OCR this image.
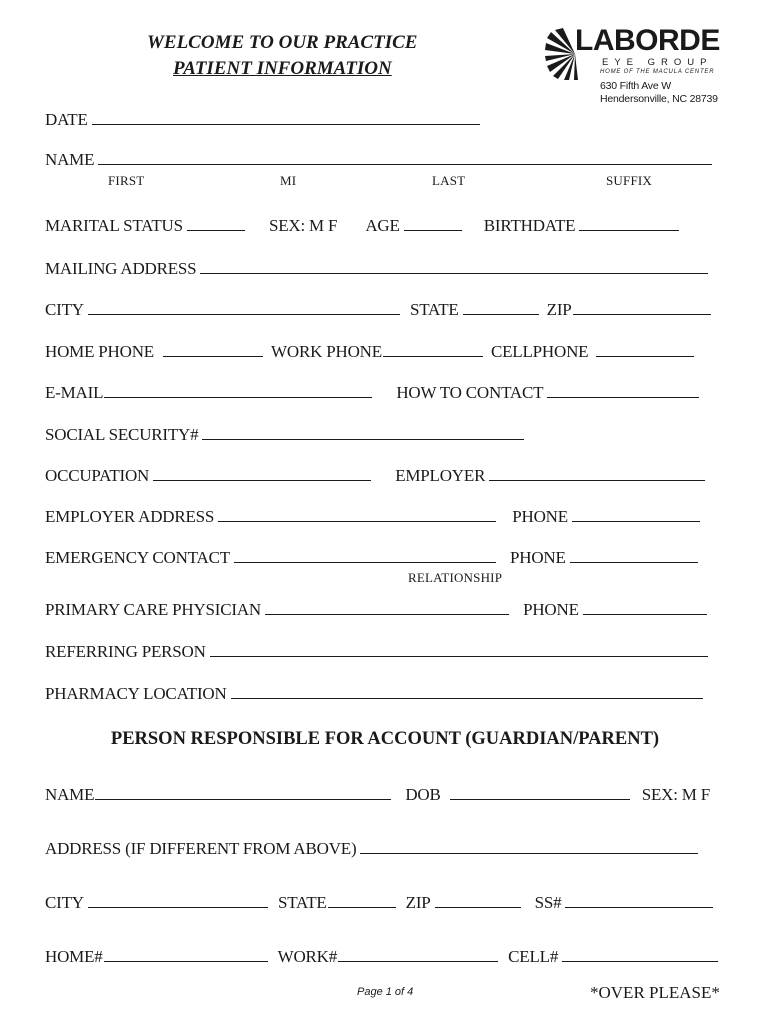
WELCOME TO OUR PRACTICE
PATIENT INFORMATION
LABORDE
EYE GROUP
HOME OF THE MACULA CENTER
630 Fifth Ave W
Hendersonville, NC 28739
DATE
NAME
FIRST	MI	LAST	SUFFIX
MARITAL STATUS	SEX: M F AGE	BIRTHDATE
MAILING ADDRESS
CITY	STATE	ZIP
HOME PHONE	WORK PHONE	CELLPHONE
E-MAIL	HOW TO CONTACT
SOCIAL SECURITY#
OCCUPATION	EMPLOYER
EMPLOYER ADDRESS	PHONE
EMERGENCY CONTACT	PHONE
RELATIONSHIP
PRIMARY CARE PHYSICIAN	PHONE
REFERRING PERSON
PHARMACY LOCATION
PERSON RESPONSIBLE FOR ACCOUNT (GUARDIAN/PARENT)
NAME	DOB	SEX: M F
ADDRESS (IF DIFFERENT FROM ABOVE)
CITY	STATE	ZIP	SS#
HOME#	WORK#	CELL#
Page 1 of 4	*OVER PLEASE*
